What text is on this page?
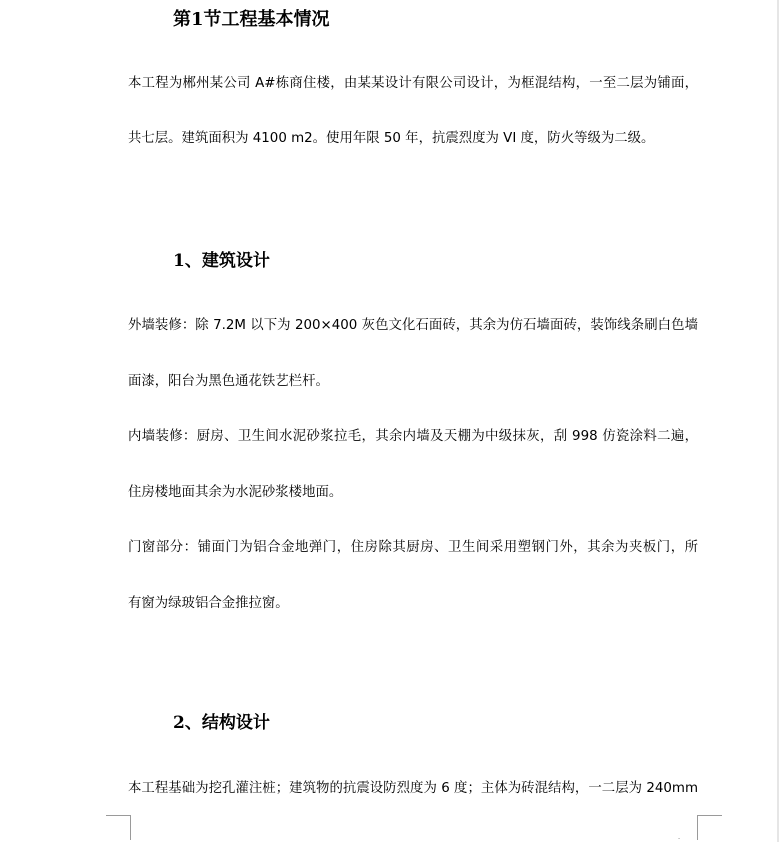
第1节工程基本情况
本工程为郴州某公司 A#栋商住楼，由某某设计有限公司设计，为框混结构，一至二层为铺面，
共七层。建筑面积为 4100 m2。使用年限 50 年，抗震烈度为 VI 度，防火等级为二级。
1、建筑设计
外墙装修：除 7.2M 以下为 200×400 灰色文化石面砖，其余为仿石墙面砖，装饰线条刷白色墙
面漆，阳台为黑色通花铁艺栏杆。
内墙装修：厨房、卫生间水泥砂浆拉毛，其余内墙及天棚为中级抹灰，刮 998 仿瓷涂料二遍，
住房楼地面其余为水泥砂浆楼地面。
门窗部分：铺面门为铝合金地弹门，住房除其厨房、卫生间采用塑钢门外，其余为夹板门，所
有窗为绿玻铝合金推拉窗。
2、结构设计
本工程基础为挖孔灌注桩；建筑物的抗震设防烈度为 6 度；主体为砖混结构，一二层为 240mm
-
